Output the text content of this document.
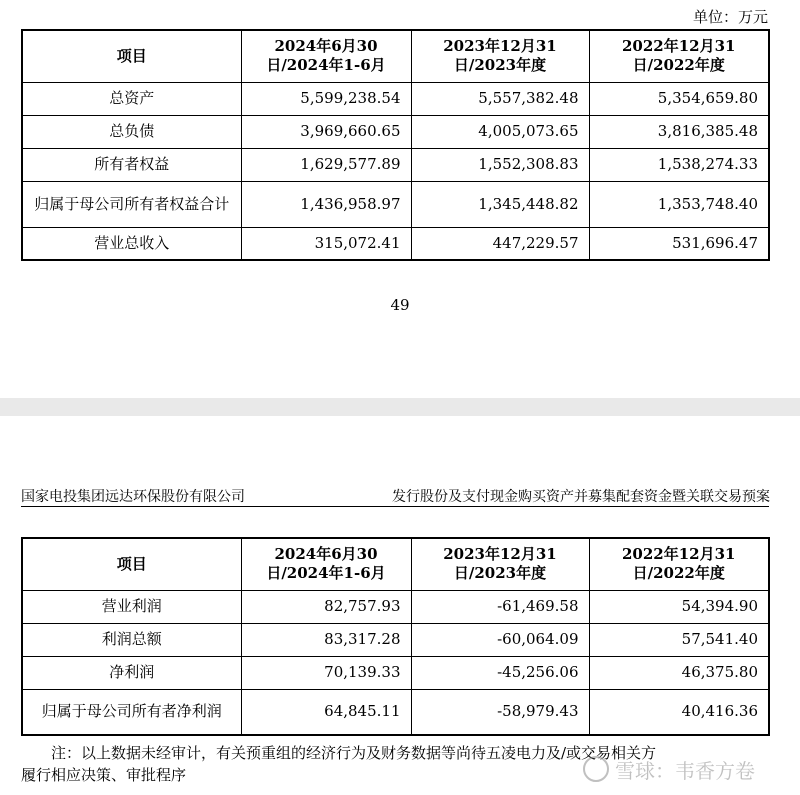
单位：万元
项目	2024年6月30日/2024年1-6月	2023年12月31日/2023年度	2022年12月31日/2022年度
总资产	5,599,238.54	5,557,382.48	5,354,659.80
总负债	3,969,660.65	4,005,073.65	3,816,385.48
所有者权益	1,629,577.89	1,552,308.83	1,538,274.33
归属于母公司所有者权益合计	1,436,958.97	1,345,448.82	1,353,748.40
营业总收入	315,072.41	447,229.57	531,696.47
49
国家电投集团远达环保股份有限公司	发行股份及支付现金购买资产并募集配套资金暨关联交易预案
项目	2024年6月30日/2024年1-6月	2023年12月31日/2023年度	2022年12月31日/2022年度
营业利润	82,757.93	-61,469.58	54,394.90
利润总额	83,317.28	-60,064.09	57,541.40
净利润	70,139.33	-45,256.06	46,375.80
归属于母公司所有者净利润	64,845.11	-58,979.43	40,416.36
注：以上数据未经审计，有关预重组的经济行为及财务数据等尚待五凌电力及/或交易相关方
履行相应决策、审批程序	雪球：韦香方卷
